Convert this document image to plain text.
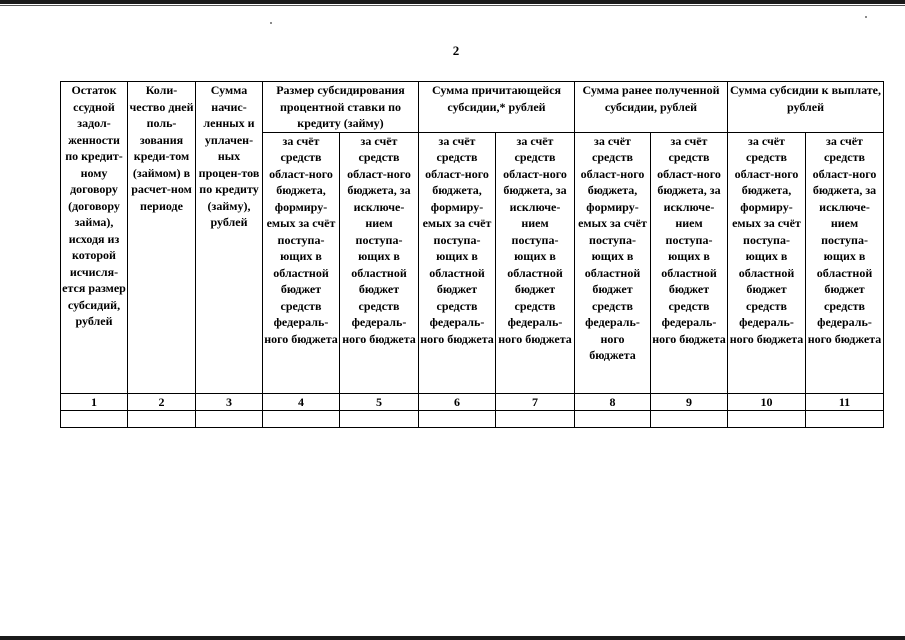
2
Остаток ссудной задол-женности по кредит-ному договору (договору займа), исходя из которой исчисля-ется размер субсидий, рублей	Коли-чество дней поль-зования креди-том (займом) в расчет-ном периоде	Сумма начис-ленных и уплачен-ных процен-тов по кредиту (займу), рублей	Размер субсидирования процентной ставки по кредиту (займу)		Сумма причитающейся субсидии,* рублей		Сумма ранее полученной субсидии, рублей		Сумма субсидии к выплате, рублей	
			за счёт средств област-ного бюджета, формиру-емых за счёт поступа-ющих в областной бюджет средств федераль-ного бюджета	за счёт средств област-ного бюджета, за исключе-нием поступа-ющих в областной бюджет средств федераль-ного бюджета	за счёт средств област-ного бюджета, формиру-емых за счёт поступа-ющих в областной бюджет средств федераль-ного бюджета	за счёт средств област-ного бюджета, за исключе-нием поступа-ющих в областной бюджет средств федераль-ного бюджета	за счёт средств област-ного бюджета, формиру-емых за счёт поступа-ющих в областной бюджет средств федераль-ного бюджета	за счёт средств област-ного бюджета, за исключе-нием поступа-ющих в областной бюджет средств федераль-ного бюджета	за счёт средств област-ного бюджета, формиру-емых за счёт поступа-ющих в областной бюджет средств федераль-ного бюджета	за счёт средств област-ного бюджета, за исключе-нием поступа-ющих в областной бюджет средств федераль-ного бюджета
1	2	3	4	5	6	7	8	9	10	11
